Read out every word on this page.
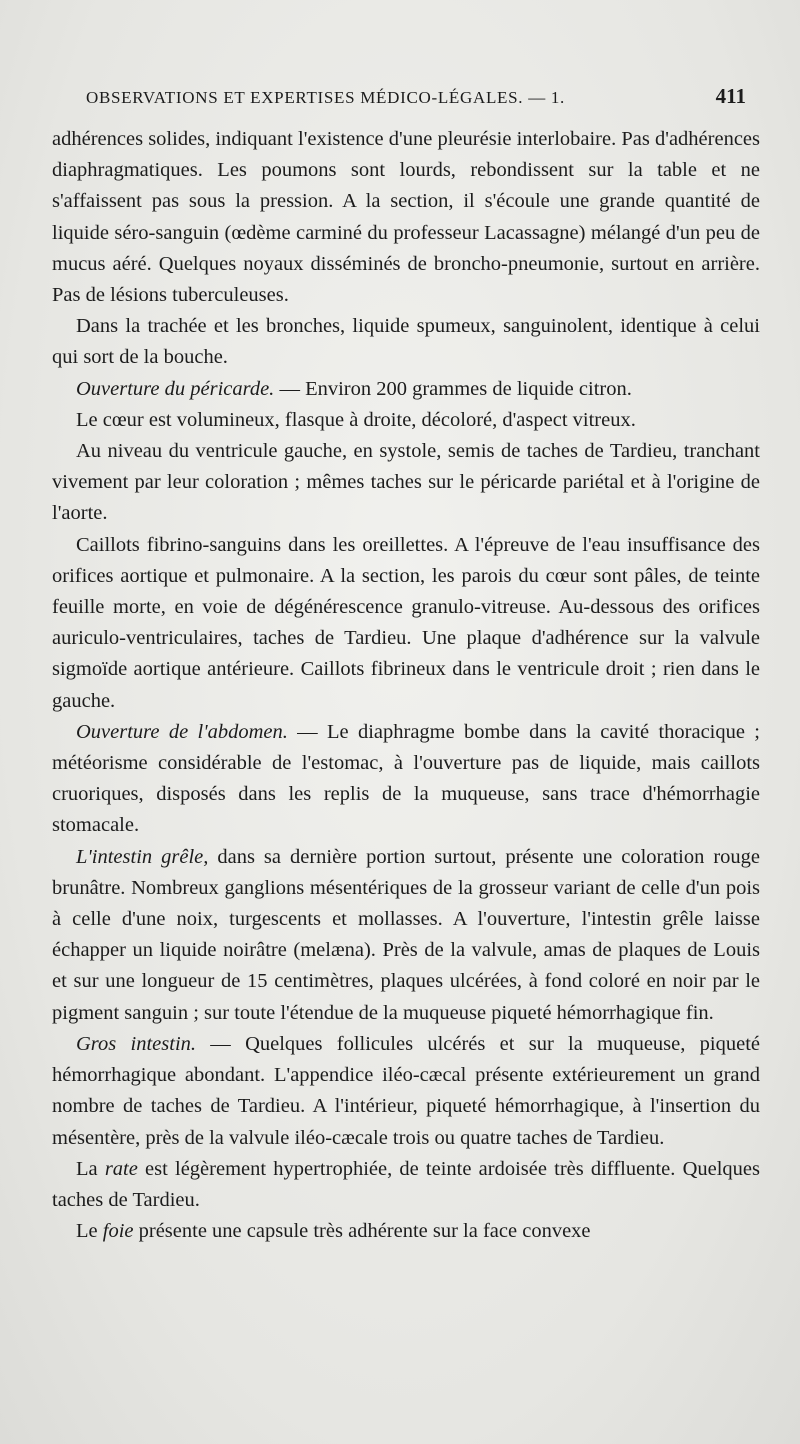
OBSERVATIONS ET EXPERTISES MÉDICO-LÉGALES. — 1.	411

adhérences solides, indiquant l'existence d'une pleurésie interlobaire. Pas d'adhérences diaphragmatiques. Les poumons sont lourds, rebondissent sur la table et ne s'affaissent pas sous la pression. A la section, il s'écoule une grande quantité de liquide séro-sanguin (œdème carminé du professeur Lacassagne) mélangé d'un peu de mucus aéré. Quelques noyaux disséminés de broncho-pneumonie, surtout en arrière. Pas de lésions tuberculeuses.

Dans la trachée et les bronches, liquide spumeux, sanguinolent, identique à celui qui sort de la bouche.

Ouverture du péricarde. — Environ 200 grammes de liquide citron.

Le cœur est volumineux, flasque à droite, décoloré, d'aspect vitreux.

Au niveau du ventricule gauche, en systole, semis de taches de Tardieu, tranchant vivement par leur coloration ; mêmes taches sur le péricarde pariétal et à l'origine de l'aorte.

Caillots fibrino-sanguins dans les oreillettes. A l'épreuve de l'eau insuffisance des orifices aortique et pulmonaire. A la section, les parois du cœur sont pâles, de teinte feuille morte, en voie de dégénérescence granulo-vitreuse. Au-dessous des orifices auriculo-ventriculaires, taches de Tardieu. Une plaque d'adhérence sur la valvule sigmoïde aortique antérieure. Caillots fibrineux dans le ventricule droit ; rien dans le gauche.

Ouverture de l'abdomen. — Le diaphragme bombe dans la cavité thoracique ; météorisme considérable de l'estomac, à l'ouverture pas de liquide, mais caillots cruoriques, disposés dans les replis de la muqueuse, sans trace d'hémorrhagie stomacale.

L'intestin grêle, dans sa dernière portion surtout, présente une coloration rouge brunâtre. Nombreux ganglions mésentériques de la grosseur variant de celle d'un pois à celle d'une noix, turgescents et mollasses. A l'ouverture, l'intestin grêle laisse échapper un liquide noirâtre (melæna). Près de la valvule, amas de plaques de Louis et sur une longueur de 15 centimètres, plaques ulcérées, à fond coloré en noir par le pigment sanguin ; sur toute l'étendue de la muqueuse piqueté hémorrhagique fin.

Gros intestin. — Quelques follicules ulcérés et sur la muqueuse, piqueté hémorrhagique abondant. L'appendice iléo-cæcal présente extérieurement un grand nombre de taches de Tardieu. A l'intérieur, piqueté hémorrhagique, à l'insertion du mésentère, près de la valvule iléo-cæcale trois ou quatre taches de Tardieu.

La rate est légèrement hypertrophiée, de teinte ardoisée très diffluente. Quelques taches de Tardieu.

Le foie présente une capsule très adhérente sur la face convexe
